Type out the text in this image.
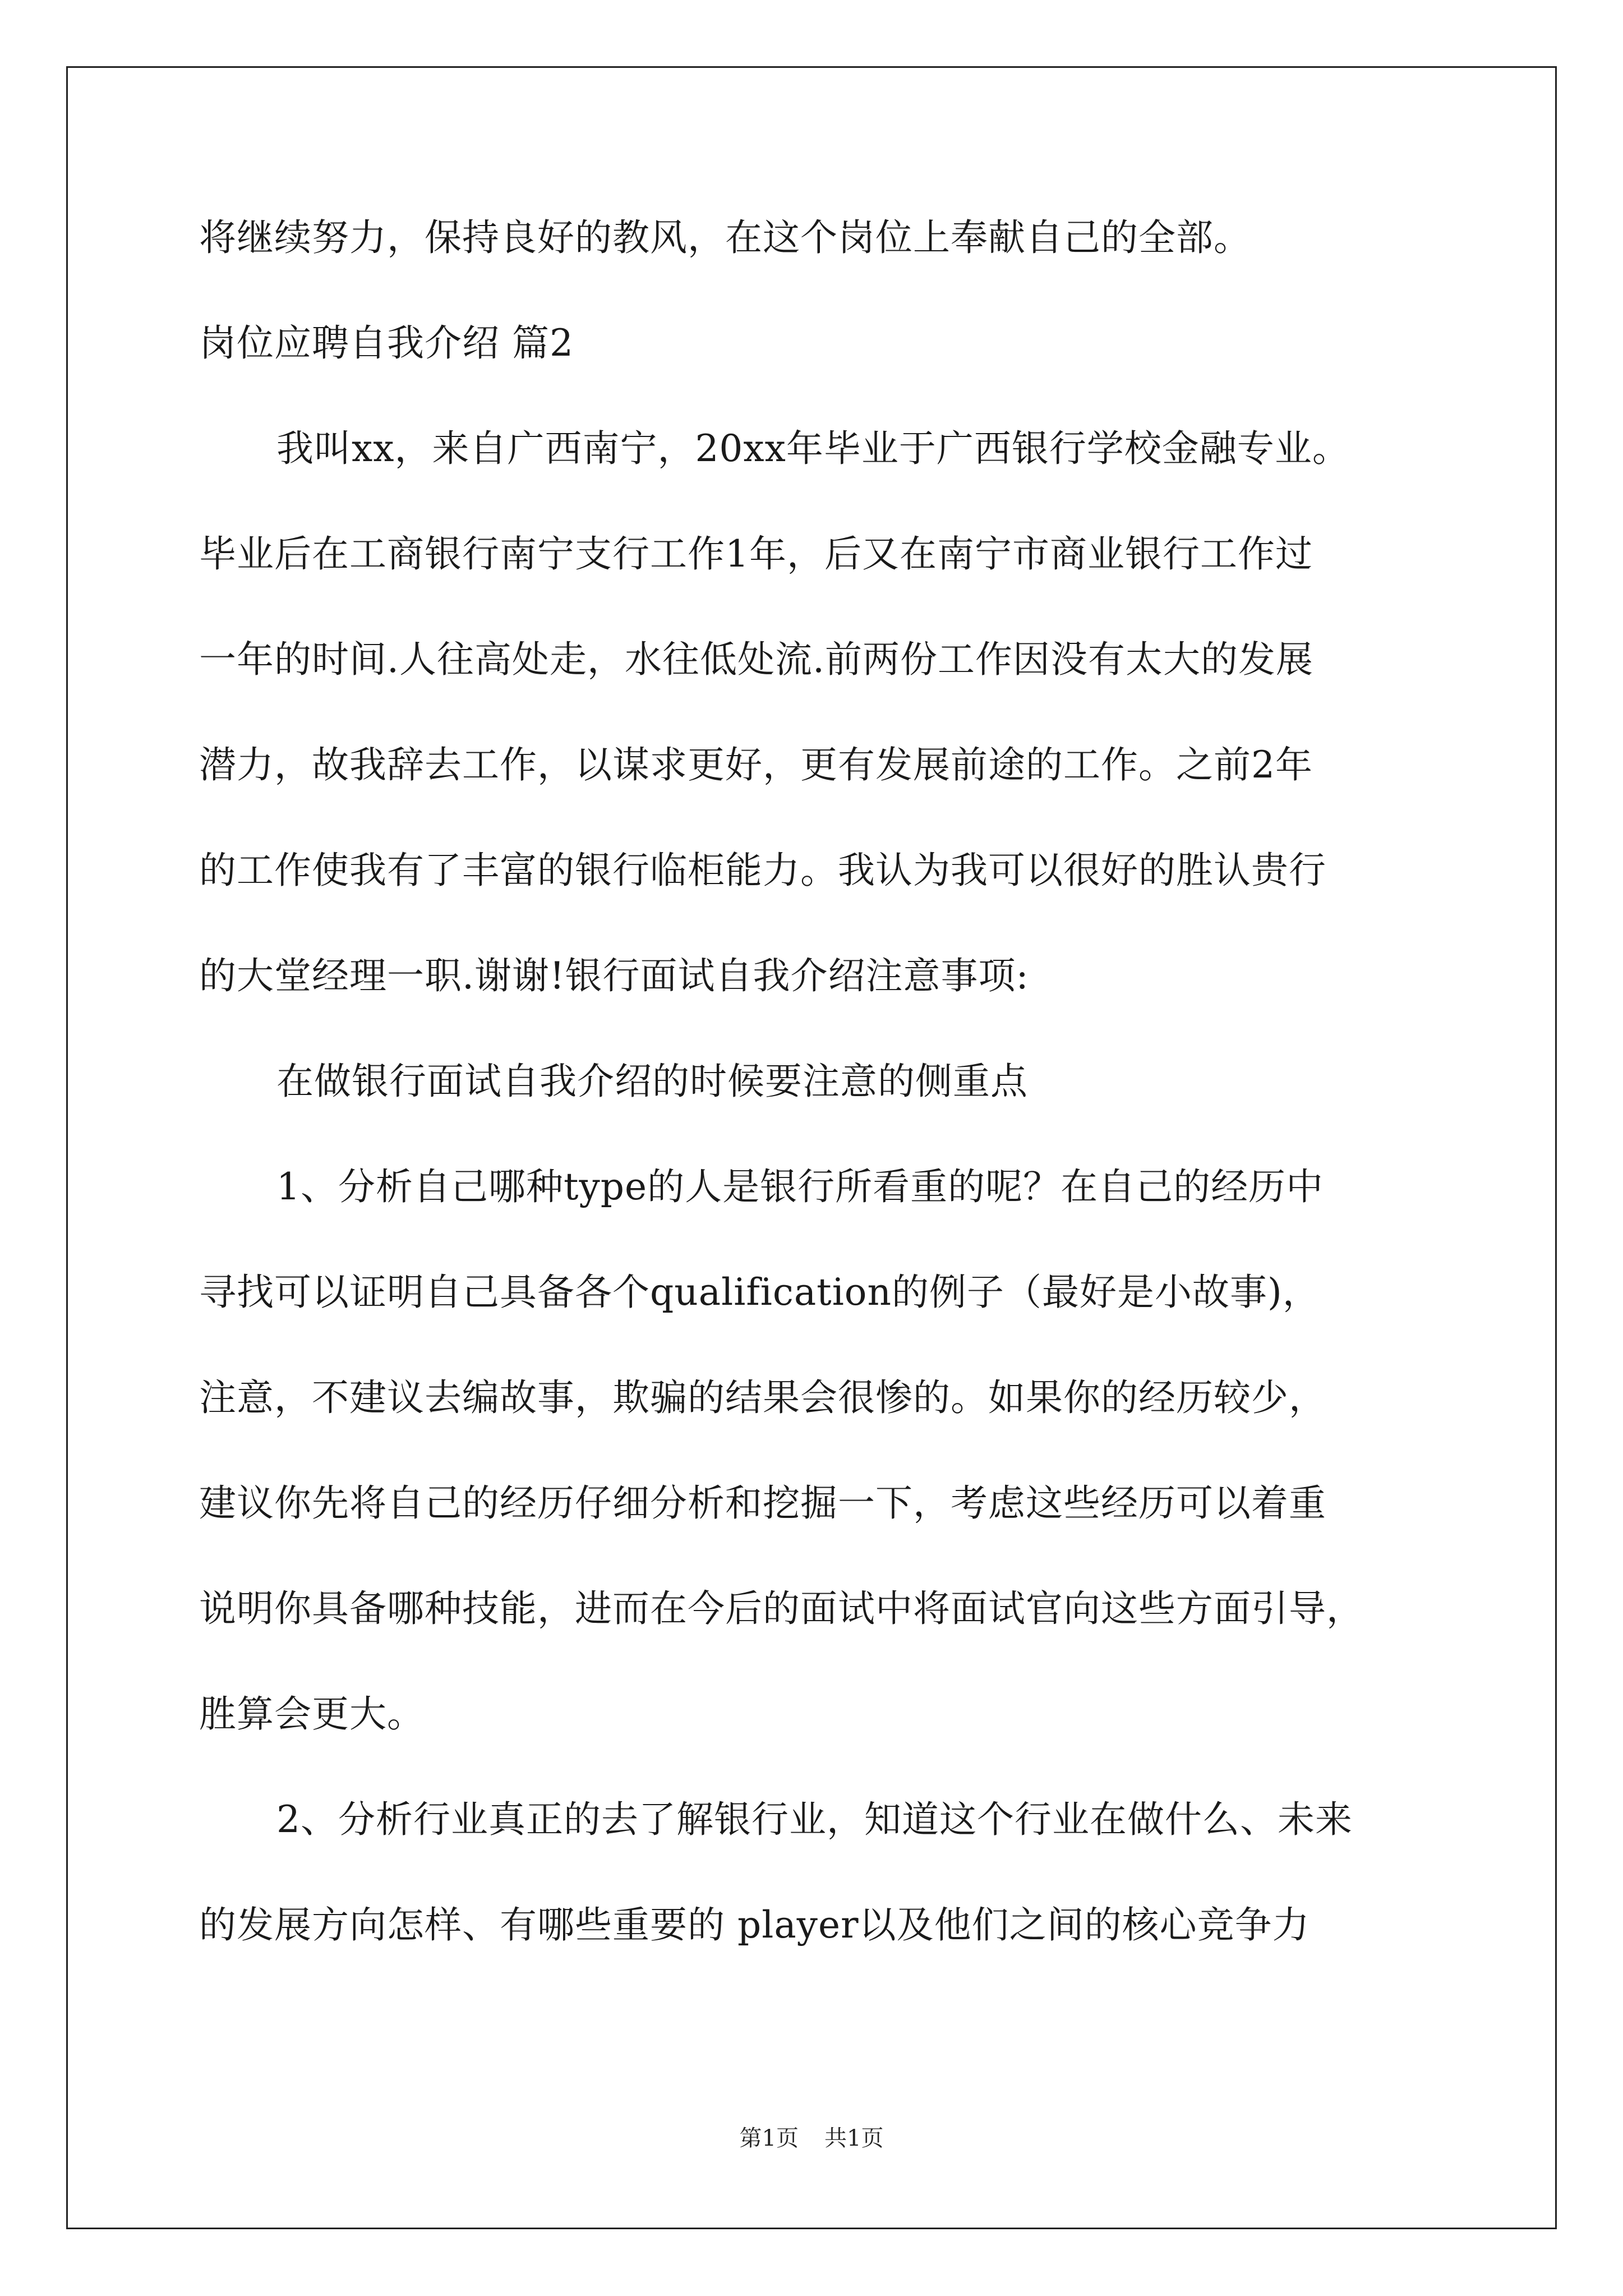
将继续努力，保持良好的教风，在这个岗位上奉献自己的全部。
岗位应聘自我介绍 篇2
我叫xx，来自广西南宁，20xx年毕业于广西银行学校金融专业。
毕业后在工商银行南宁支行工作1年，后又在南宁市商业银行工作过
一年的时间.人往高处走，水往低处流.前两份工作因没有太大的发展
潜力，故我辞去工作，以谋求更好，更有发展前途的工作。之前2年
的工作使我有了丰富的银行临柜能力。我认为我可以很好的胜认贵行
的大堂经理一职.谢谢!银行面试自我介绍注意事项:
在做银行面试自我介绍的时候要注意的侧重点
1、分析自己哪种type的人是银行所看重的呢？在自己的经历中
寻找可以证明自己具备各个qualification的例子（最好是小故事)，
注意，不建议去编故事，欺骗的结果会很惨的。如果你的经历较少，
建议你先将自己的经历仔细分析和挖掘一下，考虑这些经历可以着重
说明你具备哪种技能，进而在今后的面试中将面试官向这些方面引导，
胜算会更大。
2、分析行业真正的去了解银行业，知道这个行业在做什么、未来
的发展方向怎样、有哪些重要的 player以及他们之间的核心竞争力
第1页 共1页
